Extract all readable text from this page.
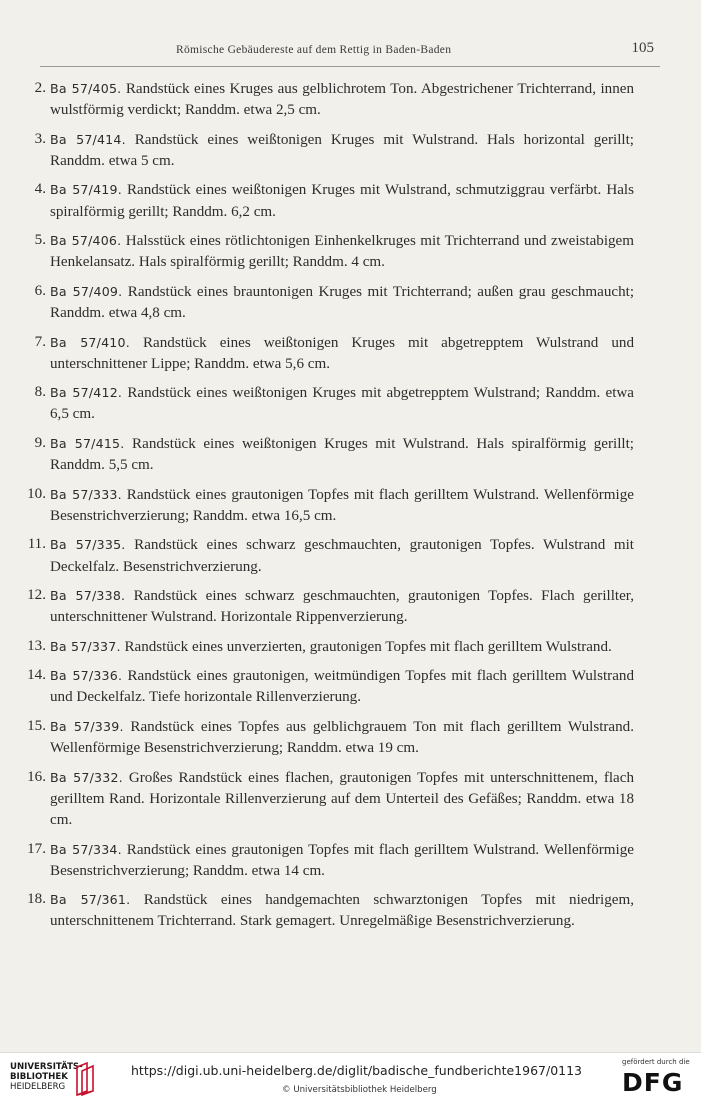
Römische Gebäudereste auf dem Rettig in Baden-Baden	105
2. Ba 57/405. Randstück eines Kruges aus gelblichrotem Ton. Abgestrichener Trichterrand, innen wulstförmig verdickt; Randdm. etwa 2,5 cm.
3. Ba 57/414. Randstück eines weißtonigen Kruges mit Wulstrand. Hals horizontal gerillt; Randdm. etwa 5 cm.
4. Ba 57/419. Randstück eines weißtonigen Kruges mit Wulstrand, schmutziggrau verfärbt. Hals spiralförmig gerillt; Randdm. 6,2 cm.
5. Ba 57/406. Halsstück eines rötlichtonigen Einhenkelkruges mit Trichterrand und zweistabigem Henkelansatz. Hals spiralförmig gerillt; Randdm. 4 cm.
6. Ba 57/409. Randstück eines brauntonigen Kruges mit Trichterrand; außen grau geschmaucht; Randdm. etwa 4,8 cm.
7. Ba 57/410. Randstück eines weißtonigen Kruges mit abgetrepptem Wulstrand und unterschnittener Lippe; Randdm. etwa 5,6 cm.
8. Ba 57/412. Randstück eines weißtonigen Kruges mit abgetrepptem Wulstrand; Randdm. etwa 6,5 cm.
9. Ba 57/415. Randstück eines weißtonigen Kruges mit Wulstrand. Hals spiralförmig gerillt; Randdm. 5,5 cm.
10. Ba 57/333. Randstück eines grautonigen Topfes mit flach gerilltem Wulstrand. Wellenförmige Besenstrichverzierung; Randdm. etwa 16,5 cm.
11. Ba 57/335. Randstück eines schwarz geschmauchten, grautonigen Topfes. Wulstrand mit Deckelfalz. Besenstrichverzierung.
12. Ba 57/338. Randstück eines schwarz geschmauchten, grautonigen Topfes. Flach gerillter, unterschnittener Wulstrand. Horizontale Rippenverzierung.
13. Ba 57/337. Randstück eines unverzierten, grautonigen Topfes mit flach gerilltem Wulstrand.
14. Ba 57/336. Randstück eines grautonigen, weitmündigen Topfes mit flach gerilltem Wulstrand und Deckelfalz. Tiefe horizontale Rillenverzierung.
15. Ba 57/339. Randstück eines Topfes aus gelblichgrauem Ton mit flach gerilltem Wulstrand. Wellenförmige Besenstrichverzierung; Randdm. etwa 19 cm.
16. Ba 57/332. Großes Randstück eines flachen, grautonigen Topfes mit unterschnittenem, flach gerilltem Rand. Horizontale Rillenverzierung auf dem Unterteil des Gefäßes; Randdm. etwa 18 cm.
17. Ba 57/334. Randstück eines grautonigen Topfes mit flach gerilltem Wulstrand. Wellenförmige Besenstrichverzierung; Randdm. etwa 14 cm.
18. Ba 57/361. Randstück eines handgemachten schwarztonigen Topfes mit niedrigem, unterschnittenem Trichterrand. Stark gemagert. Unregelmäßige Besenstrichverzierung.
UNIVERSITÄTS-
BIBLIOTHEK
HEIDELBERG
https://digi.ub.uni-heidelberg.de/diglit/badische_fundberichte1967/0113
© Universitätsbibliothek Heidelberg
gefördert durch die
DFG
